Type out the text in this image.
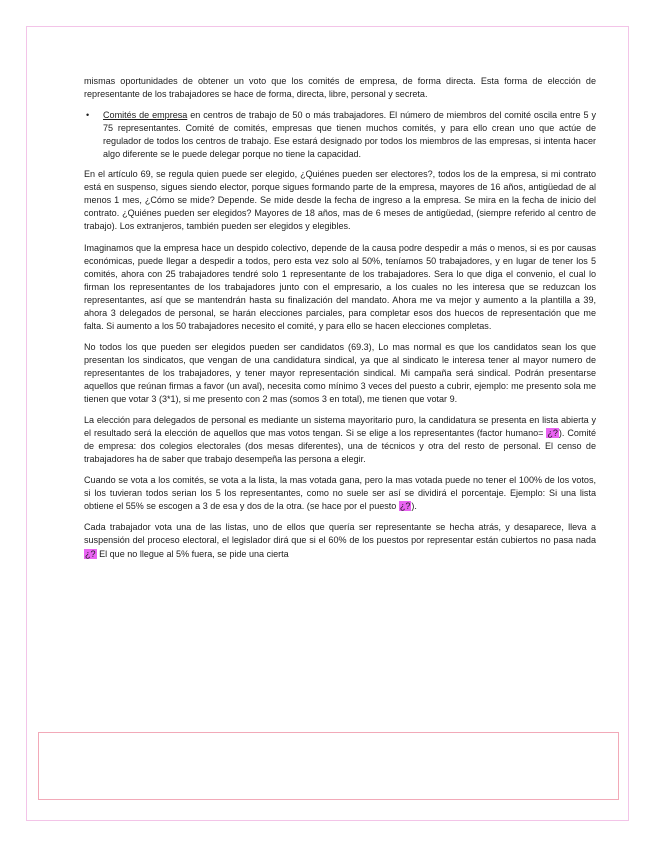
mismas oportunidades de obtener un voto que los comités de empresa, de forma directa. Esta forma de elección de representante de los trabajadores se hace de forma, directa, libre, personal y secreta.

• Comités de empresa en centros de trabajo de 50 o más trabajadores. El número de miembros del comité oscila entre 5 y 75 representantes. Comité de comités, empresas que tienen muchos comités, y para ello crean uno que actúe de regulador de todos los centros de trabajo. Ese estará designado por todos los miembros de las empresas, si intenta hacer algo diferente se le puede delegar porque no tiene la capacidad.

En el artículo 69, se regula quien puede ser elegido, ¿Quiénes pueden ser electores?, todos los de la empresa, si mi contrato está en suspenso, sigues siendo elector, porque sigues formando parte de la empresa, mayores de 16 años, antigüedad de al menos 1 mes, ¿Cómo se mide? Depende. Se mide desde la fecha de ingreso a la empresa. Se mira en la fecha de inicio del contrato. ¿Quiénes pueden ser elegidos? Mayores de 18 años, mas de 6 meses de antigüedad, (siempre referido al centro de trabajo). Los extranjeros, también pueden ser elegidos y elegibles.

Imaginamos que la empresa hace un despido colectivo, depende de la causa podre despedir a más o menos, si es por causas económicas, puede llegar a despedir a todos, pero esta vez solo al 50%, teníamos 50 trabajadores, y en lugar de tener los 5 comités, ahora con 25 trabajadores tendré solo 1 representante de los trabajadores. Sera lo que diga el convenio, el cual lo firman los representantes de los trabajadores junto con el empresario, a los cuales no les interesa que se reduzcan los representantes, así que se mantendrán hasta su finalización del mandato. Ahora me va mejor y aumento a la plantilla a 39, ahora 3 delegados de personal, se harán elecciones parciales, para completar esos dos huecos de representación que me falta. Si aumento a los 50 trabajadores necesito el comité, y para ello se hacen elecciones completas.

No todos los que pueden ser elegidos pueden ser candidatos (69.3), Lo mas normal es que los candidatos sean los que presentan los sindicatos, que vengan de una candidatura sindical, ya que al sindicato le interesa tener al mayor numero de representantes de los trabajadores, y tener mayor representación sindical. Mi campaña será sindical. Podrán presentarse aquellos que reúnan firmas a favor (un aval), necesita como mínimo 3 veces del puesto a cubrir, ejemplo: me presento sola me tienen que votar 3 (3*1), si me presento con 2 mas (somos 3 en total), me tienen que votar 9.

La elección para delegados de personal es mediante un sistema mayoritario puro, la candidatura se presenta en lista abierta y el resultado será la elección de aquellos que mas votos tengan. Si se elige a los representantes (factor humano= ¿?). Comité de empresa: dos colegios electorales (dos mesas diferentes), una de técnicos y otra del resto de personal. El censo de trabajadores ha de saber que trabajo desempeña las persona a elegir.

Cuando se vota a los comités, se vota a la lista, la mas votada gana, pero la mas votada puede no tener el 100% de los votos, si los tuvieran todos serian los 5 los representantes, como no suele ser así se dividirá el porcentaje. Ejemplo: Si una lista obtiene el 55% se escogen a 3 de esa y dos de la otra. (se hace por el puesto ¿?).

Cada trabajador vota una de las listas, uno de ellos que quería ser representante se hecha atrás, y desaparece, lleva a suspensión del proceso electoral, el legislador dirá que si el 60% de los puestos por representar están cubiertos no pasa nada ¿? El que no llegue al 5% fuera, se pide una cierta
